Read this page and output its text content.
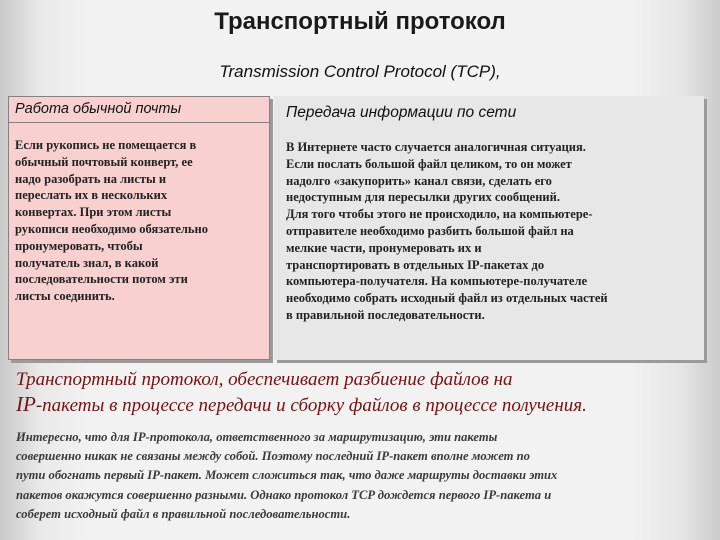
Транспортный протокол
Transmission Control Protocol (TCP),
Работа обычной почты
Если рукопись не помещается в
обычный почтовый конверт, ее
надо разобрать на листы и
переслать их в нескольких
конвертах. При этом листы
рукописи необходимо обязательно
пронумеровать, чтобы
получатель знал, в какой
последовательности потом эти
листы соединить.
Передача информации по сети
В Интернете часто случается аналогичная ситуация.
Если послать большой файл целиком, то он может
надолго «закупорить» канал связи, сделать его
недоступным для пересылки других сообщений.
Для того чтобы этого не происходило, на компьютере-
отправителе необходимо разбить большой файл на
мелкие части, пронумеровать их и
транспортировать в отдельных IP-пакетах до
компьютера-получателя. На компьютере-получателе
необходимо собрать исходный файл из отдельных частей
в правильной последовательности.
Транспортный протокол, обеспечивает разбиение файлов на
IP-пакеты в процессе передачи и сборку файлов в процессе получения.
Интересно, что для IP-протокола, ответственного за маршрутизацию, эти пакеты
совершенно никак не связаны между собой. Поэтому последний IP-пакет вполне может по
пути обогнать первый IP-пакет. Может сложиться так, что даже маршруты доставки этих
пакетов окажутся совершенно разными. Однако протокол TCP дождется первого IP-пакета и
соберет исходный файл в правильной последовательности.
